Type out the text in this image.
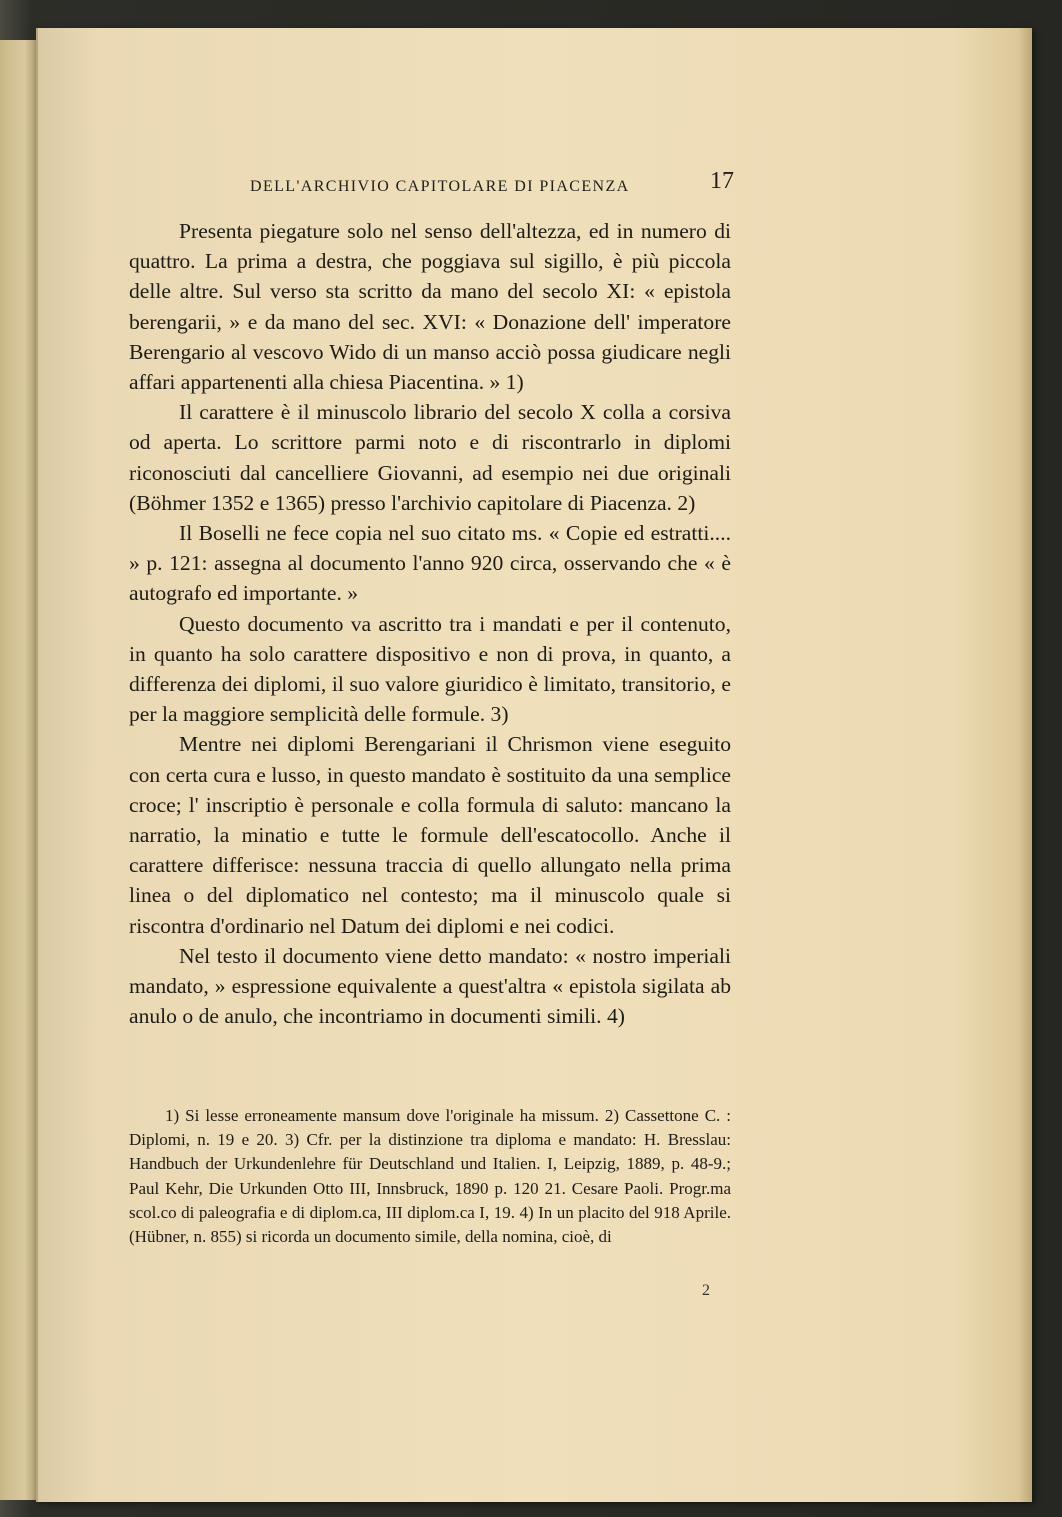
DELL'ARCHIVIO CAPITOLARE DI PIACENZA	17

Presenta piegature solo nel senso dell'altezza, ed in numero di quattro. La prima a destra, che poggiava sul sigillo, è più piccola delle altre. Sul verso sta scritto da mano del secolo XI: « epistola berengarii, » e da mano del sec. XVI: « Donazione dell' imperatore Berengario al vescovo Wido di un manso acciò possa giudicare negli affari appartenenti alla chiesa Piacentina. » 1)

Il carattere è il minuscolo librario del secolo X colla a corsiva od aperta. Lo scrittore parmi noto e di riscontrarlo in diplomi riconosciuti dal cancelliere Giovanni, ad esempio nei due originali (Böhmer 1352 e 1365) presso l'archivio capitolare di Piacenza. 2)

Il Boselli ne fece copia nel suo citato ms. « Copie ed estratti.... » p. 121: assegna al documento l'anno 920 circa, osservando che « è autografo ed importante. »

Questo documento va ascritto tra i mandati e per il contenuto, in quanto ha solo carattere dispositivo e non di prova, in quanto, a differenza dei diplomi, il suo valore giuridico è limitato, transitorio, e per la maggiore semplicità delle formule. 3)

Mentre nei diplomi Berengariani il Chrismon viene eseguito con certa cura e lusso, in questo mandato è sostituito da una semplice croce; l' inscriptio è personale e colla formula di saluto: mancano la narratio, la minatio e tutte le formule dell'escatocollo. Anche il carattere differisce: nessuna traccia di quello allungato nella prima linea o del diplomatico nel contesto; ma il minuscolo quale si riscontra d'ordinario nel Datum dei diplomi e nei codici.

Nel testo il documento viene detto mandato: « nostro imperiali mandato, » espressione equivalente a quest'altra « epistola sigilata ab anulo o de anulo, che incontriamo in documenti simili. 4)

1) Si lesse erroneamente mansum dove l'originale ha missum. 2) Cassettone C. : Diplomi, n. 19 e 20. 3) Cfr. per la distinzione tra diploma e mandato: H. Bresslau: Handbuch der Urkundenlehre für Deutschland und Italien. I, Leipzig, 1889, p. 48-9.; Paul Kehr, Die Urkunden Otto III, Innsbruck, 1890 p. 120 21. Cesare Paoli. Progr.ma scol.co di paleografia e di diplom.ca, III diplom.ca I, 19. 4) In un placito del 918 Aprile. (Hübner, n. 855) si ricorda un documento simile, della nomina, cioè, di

2
